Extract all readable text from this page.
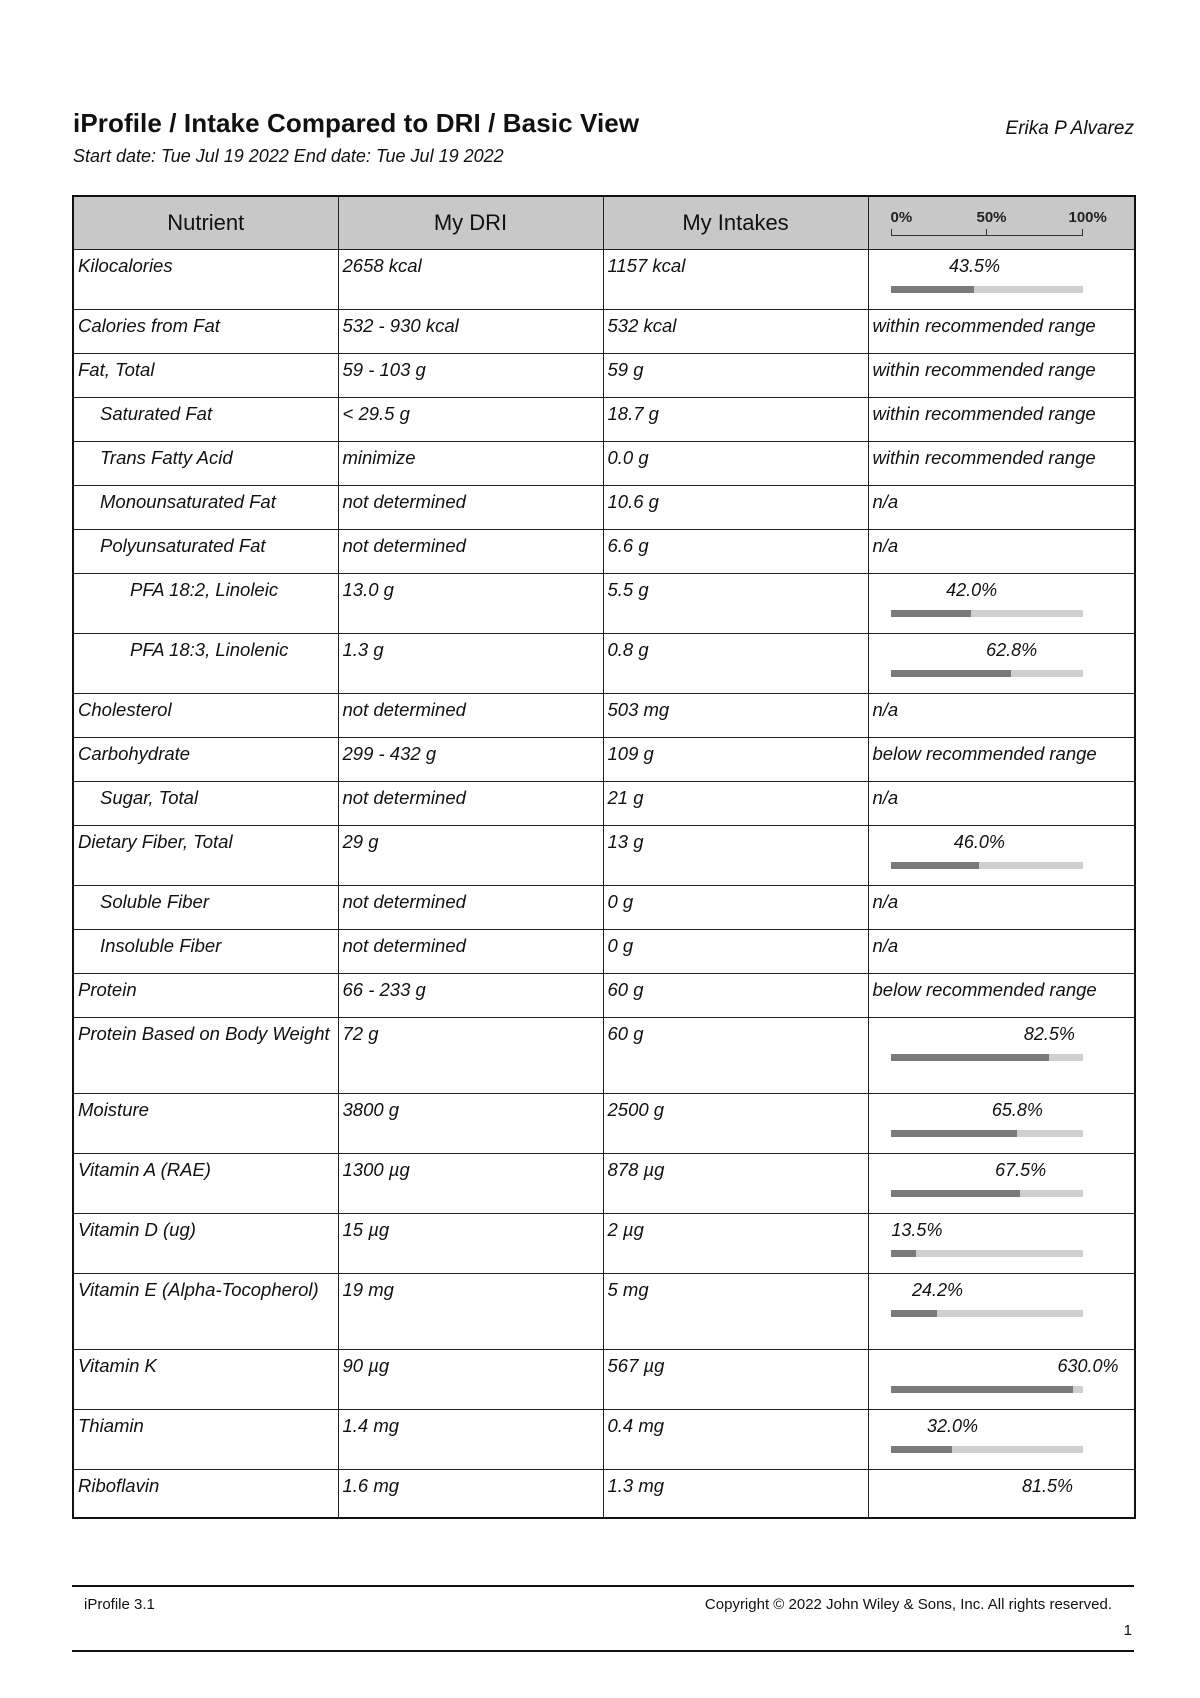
iProfile / Intake Compared to DRI / Basic View	Erika P Alvarez
Start date: Tue Jul 19 2022 End date: Tue Jul 19 2022
Nutrient	My DRI	My Intakes	0% 50% 100%

Kilocalories	2658 kcal	1157 kcal	43.5%

Calories from Fat	532 - 930 kcal	532 kcal	within recommended range
Fat, Total	59 - 103 g	59 g	within recommended range
Saturated Fat	< 29.5 g	18.7 g	within recommended range
Trans Fatty Acid	minimize	0.0 g	within recommended range
Monounsaturated Fat	not determined	10.6 g	n/a
Polyunsaturated Fat	not determined	6.6 g	n/a
PFA 18:2, Linoleic	13.0 g	5.5 g	42.0%

PFA 18:3, Linolenic	1.3 g	0.8 g	62.8%

Cholesterol	not determined	503 mg	n/a
Carbohydrate	299 - 432 g	109 g	below recommended range
Sugar, Total	not determined	21 g	n/a
Dietary Fiber, Total	29 g	13 g	46.0%

Soluble Fiber	not determined	0 g	n/a
Insoluble Fiber	not determined	0 g	n/a
Protein	66 - 233 g	60 g	below recommended range
Protein Based on Body Weight	72 g	60 g	82.5%

Moisture	3800 g	2500 g	65.8%

Vitamin A (RAE)	1300 µg	878 µg	67.5%

Vitamin D (ug)	15 µg	2 µg	13.5%

Vitamin E (Alpha-Tocopherol)	19 mg	5 mg	24.2%

Vitamin K	90 µg	567 µg	630.0%

Thiamin	1.4 mg	0.4 mg	32.0%

Riboflavin	1.6 mg	1.3 mg	81.5%
iProfile 3.1	Copyright © 2022 John Wiley & Sons, Inc. All rights reserved.
1
